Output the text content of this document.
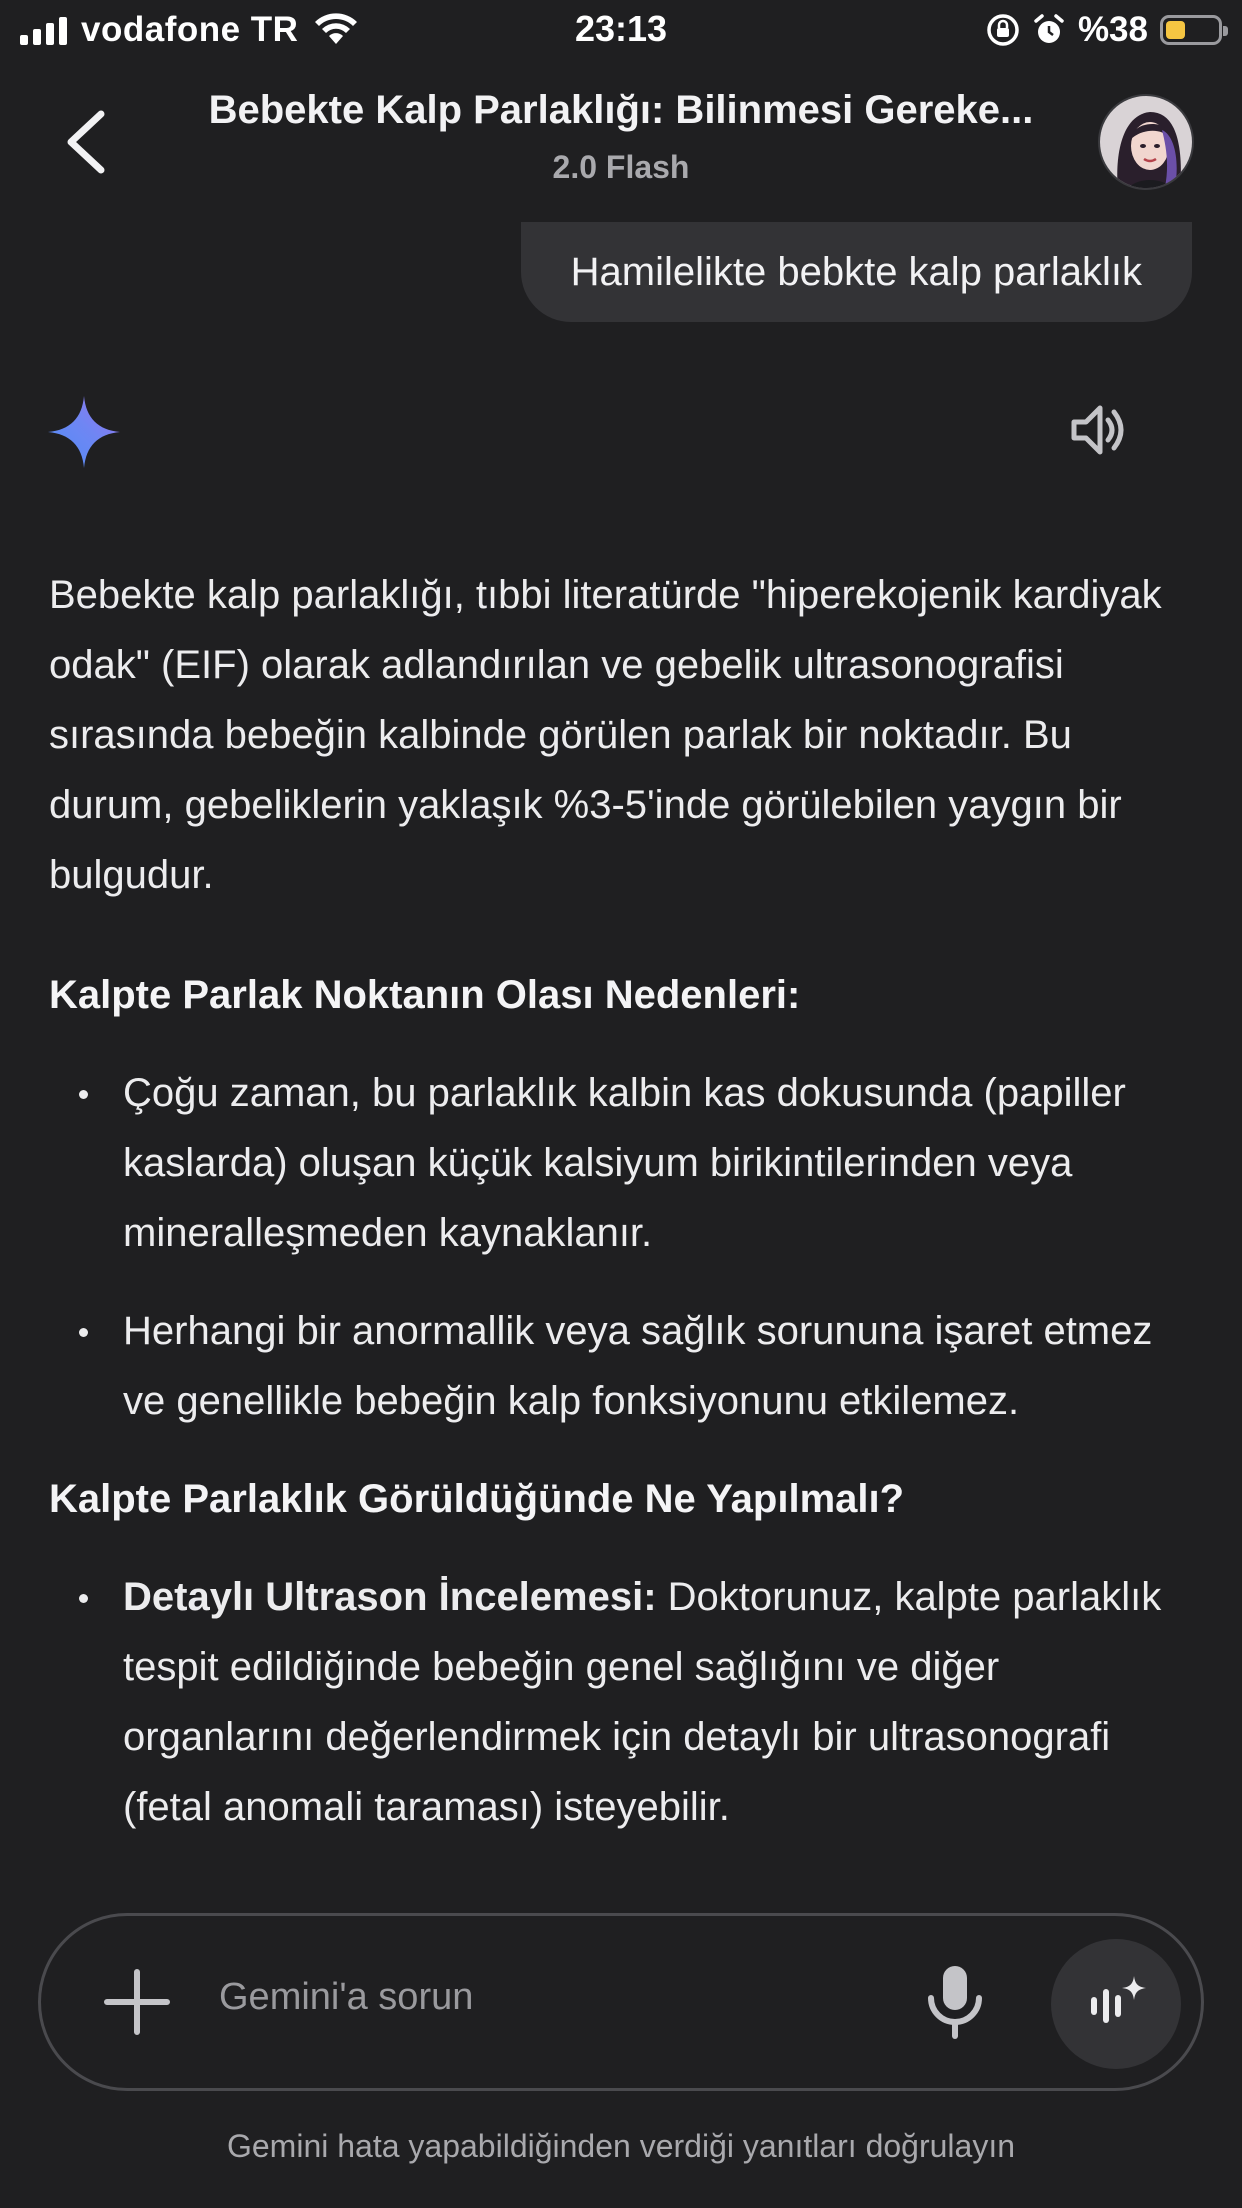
vodafone TR	23:13	%38
Bebekte Kalp Parlaklığı: Bilinmesi Gereke...
2.0 Flash
Hamilelikte bebkte kalp parlaklık

Bebekte kalp parlaklığı, tıbbi literatürde "hiperekojenik kardiyak odak" (EIF) olarak adlandırılan ve gebelik ultrasonografisi sırasında bebeğin kalbinde görülen parlak bir noktadır. Bu durum, gebeliklerin yaklaşık %3-5'inde görülebilen yaygın bir bulgudur.

Kalpte Parlak Noktanın Olası Nedenleri:
Çoğu zaman, bu parlaklık kalbin kas dokusunda (papiller kaslarda) oluşan küçük kalsiyum birikintilerinden veya mineralleşmeden kaynaklanır.
Herhangi bir anormallik veya sağlık sorununa işaret etmez ve genellikle bebeğin kalp fonksiyonunu etkilemez.
Kalpte Parlaklık Görüldüğünde Ne Yapılmalı?
Detaylı Ultrason İncelemesi: Doktorunuz, kalpte parlaklık tespit edildiğinde bebeğin genel sağlığını ve diğer organlarını değerlendirmek için detaylı bir ultrasonografi (fetal anomali taraması) isteyebilir.
Gemini'a sorun
Gemini hata yapabildiğinden verdiği yanıtları doğrulayın
